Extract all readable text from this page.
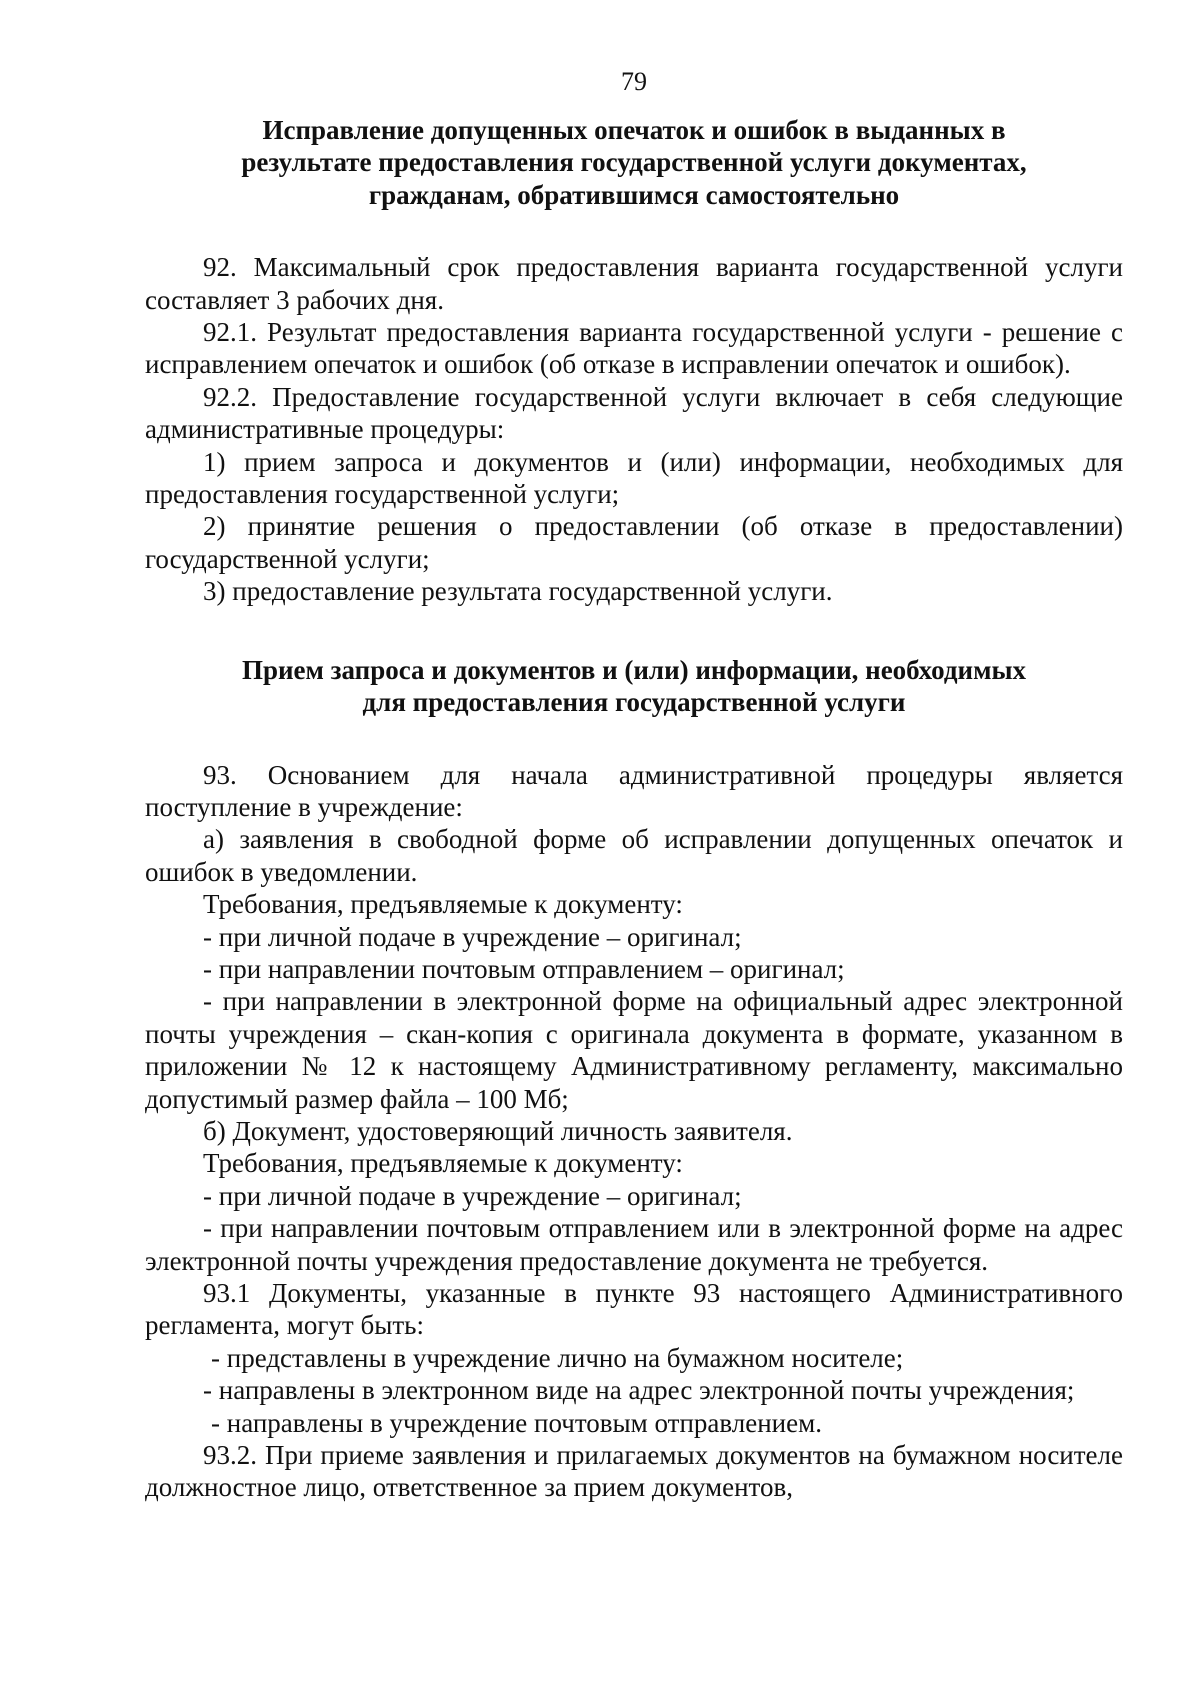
79
Исправление допущенных опечаток и ошибок в выданных в
результате предоставления государственной услуги документах,
гражданам, обратившимся самостоятельно

92. Максимальный срок предоставления варианта государственной услуги составляет 3 рабочих дня.

92.1. Результат предоставления варианта государственной услуги - решение с исправлением опечаток и ошибок (об отказе в исправлении опечаток и ошибок).

92.2. Предоставление государственной услуги включает в себя следующие административные процедуры:

1) прием запроса и документов и (или) информации, необходимых для предоставления государственной услуги;

2) принятие решения о предоставлении (об отказе в предоставлении) государственной услуги;

3) предоставление результата государственной услуги.

Прием запроса и документов и (или) информации, необходимых
для предоставления государственной услуги

93. Основанием для начала административной процедуры является поступление в учреждение:

а) заявления в свободной форме об исправлении допущенных опечаток и ошибок в уведомлении.

Требования, предъявляемые к документу:

- при личной подаче в учреждение – оригинал;

- при направлении почтовым отправлением – оригинал;

- при направлении в электронной форме на официальный адрес электронной почты учреждения – скан-копия с оригинала документа в формате, указанном в приложении № 12 к настоящему Административному регламенту, максимально допустимый размер файла – 100 Мб;

б) Документ, удостоверяющий личность заявителя.

Требования, предъявляемые к документу:

- при личной подаче в учреждение – оригинал;

- при направлении почтовым отправлением или в электронной форме на адрес электронной почты учреждения предоставление документа не требуется.

93.1 Документы, указанные в пункте 93 настоящего Административного регламента, могут быть:

- представлены в учреждение лично на бумажном носителе;

- направлены в электронном виде на адрес электронной почты учреждения;

- направлены в учреждение почтовым отправлением.

93.2. При приеме заявления и прилагаемых документов на бумажном носителе должностное лицо, ответственное за прием документов,
